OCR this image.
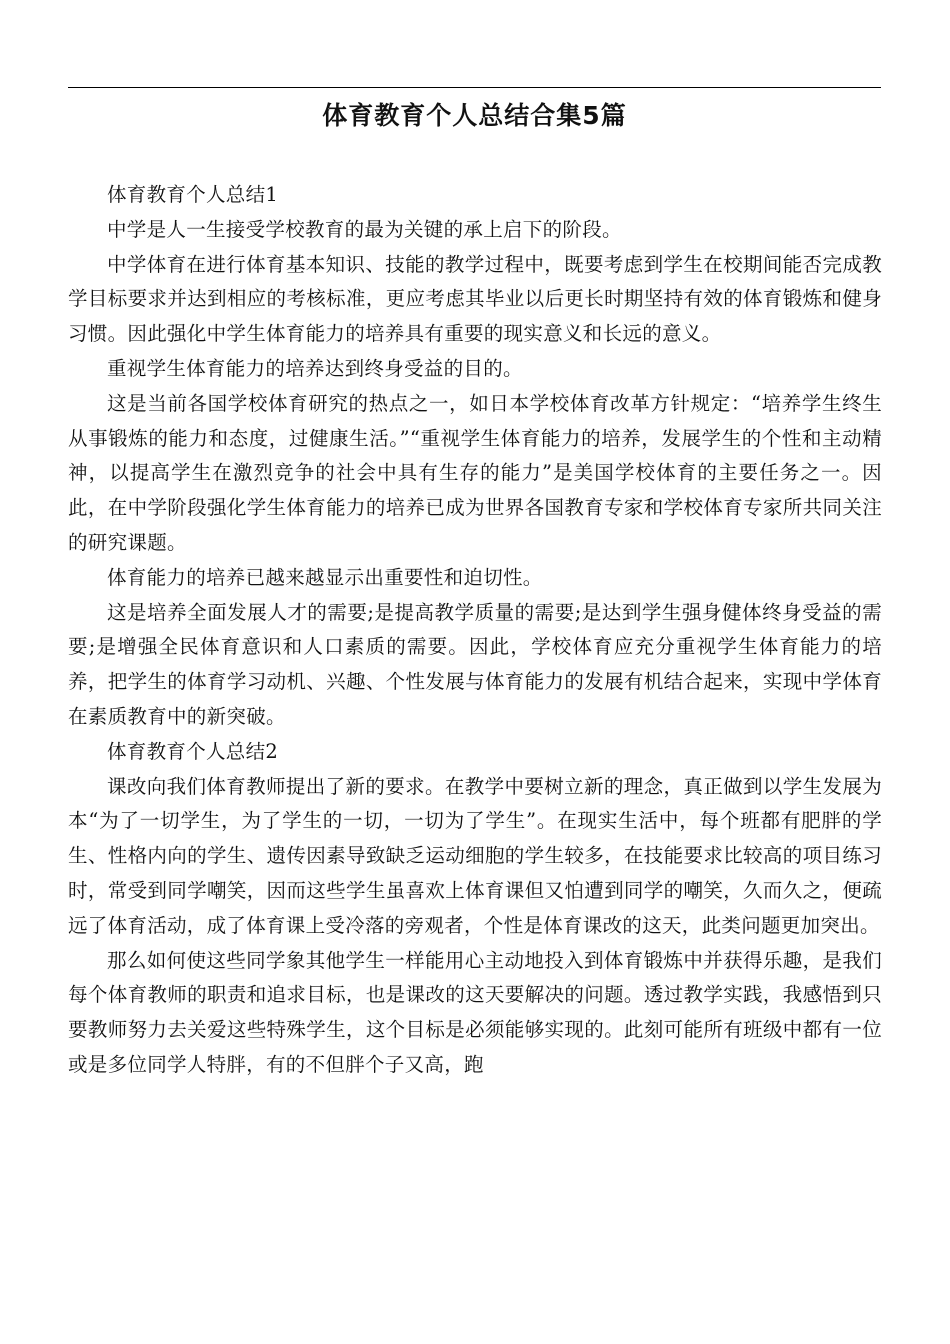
体育教育个人总结合集5篇

体育教育个人总结1

中学是人一生接受学校教育的最为关键的承上启下的阶段。

中学体育在进行体育基本知识、技能的教学过程中，既要考虑到学生在校期间能否完成教学目标要求并达到相应的考核标准，更应考虑其毕业以后更长时期坚持有效的体育锻炼和健身习惯。因此强化中学生体育能力的培养具有重要的现实意义和长远的意义。

重视学生体育能力的培养达到终身受益的目的。

这是当前各国学校体育研究的热点之一，如日本学校体育改革方针规定：“培养学生终生从事锻炼的能力和态度，过健康生活。”“重视学生体育能力的培养，发展学生的个性和主动精神，以提高学生在激烈竞争的社会中具有生存的能力”是美国学校体育的主要任务之一。因此，在中学阶段强化学生体育能力的培养已成为世界各国教育专家和学校体育专家所共同关注的研究课题。

体育能力的培养已越来越显示出重要性和迫切性。

这是培养全面发展人才的需要;是提高教学质量的需要;是达到学生强身健体终身受益的需要;是增强全民体育意识和人口素质的需要。因此，学校体育应充分重视学生体育能力的培养，把学生的体育学习动机、兴趣、个性发展与体育能力的发展有机结合起来，实现中学体育在素质教育中的新突破。

体育教育个人总结2

课改向我们体育教师提出了新的要求。在教学中要树立新的理念，真正做到以学生发展为本“为了一切学生，为了学生的一切，一切为了学生”。在现实生活中，每个班都有肥胖的学生、性格内向的学生、遗传因素导致缺乏运动细胞的学生较多，在技能要求比较高的项目练习时，常受到同学嘲笑，因而这些学生虽喜欢上体育课但又怕遭到同学的嘲笑，久而久之，便疏远了体育活动，成了体育课上受冷落的旁观者，个性是体育课改的这天，此类问题更加突出。

那么如何使这些同学象其他学生一样能用心主动地投入到体育锻炼中并获得乐趣，是我们每个体育教师的职责和追求目标，也是课改的这天要解决的问题。透过教学实践，我感悟到只要教师努力去关爱这些特殊学生，这个目标是必须能够实现的。此刻可能所有班级中都有一位或是多位同学人特胖，有的不但胖个子又高，跑
